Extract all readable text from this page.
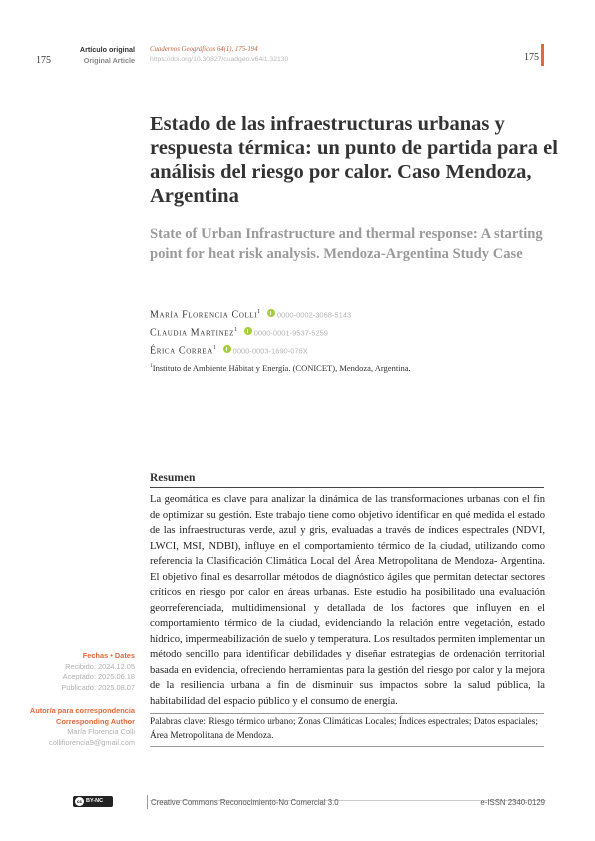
175
Artículo original
Original Article
Cuadernos Geográficos 64(1), 175-194
https://doi.org/10.30827/cuadgeo.v64i1.32130	175
Estado de las infraestructuras urbanas y respuesta térmica: un punto de partida para el análisis del riesgo por calor. Caso Mendoza, Argentina
State of Urban Infrastructure and thermal response: A starting point for heat risk analysis. Mendoza-Argentina Study Case
María Florencia Colli$^1$ 0000-0002-3068-5143
Claudia Martinez$^1$ 0000-0001-9537-5259
Érica Correa$^1$ 0000-0003-1690-076X
$^1$Instituto de Ambiente Hábitat y Energía. (CONICET), Mendoza, Argentina.
Resumen

La geomática es clave para analizar la dinámica de las transformaciones urbanas con el fin de optimizar su gestión. Este trabajo tiene como objetivo identificar en qué medida el estado de las infraestructuras verde, azul y gris, evaluadas a través de índices espectrales (NDVI, LWCI, MSI, NDBI), influye en el comportamiento térmico de la ciudad, utilizando como referencia la Clasificación Climática Local del Área Metropolitana de Mendoza- Argentina. El objetivo final es desarrollar métodos de diagnóstico ágiles que permitan detectar sectores críticos en riesgo por calor en áreas urbanas. Este estudio ha posibilitado una evaluación georreferenciada, multidimensional y detallada de los factores que influyen en el comportamiento térmico de la ciudad, evidenciando la relación entre vegetación, estado hídrico, impermeabilización de suelo y temperatura. Los resultados permiten implementar un método sencillo para identificar debilidades y diseñar estrategias de ordenación territorial basada en evidencia, ofreciendo herramientas para la gestión del riesgo por calor y la mejora de la resiliencia urbana a fin de disminuir sus impactos sobre la salud pública, la habitabilidad del espacio público y el consumo de energía.

Palabras clave: Riesgo térmico urbano; Zonas Climáticas Locales; Índices espectrales; Datos espaciales; Área Metropolitana de Mendoza.

Fechas • Dates
Recibido: 2024.12.05
Aceptado: 2025.06.18
Publicado: 2025.08.07
Autor/a para correspondencia
Corresponding Author
María Florencia Colli
collifiorencia9@gmail.com
cc BY-NC	Creative Commons Reconocimiento-No Comercial 3.0	e-ISSN 2340-0129
